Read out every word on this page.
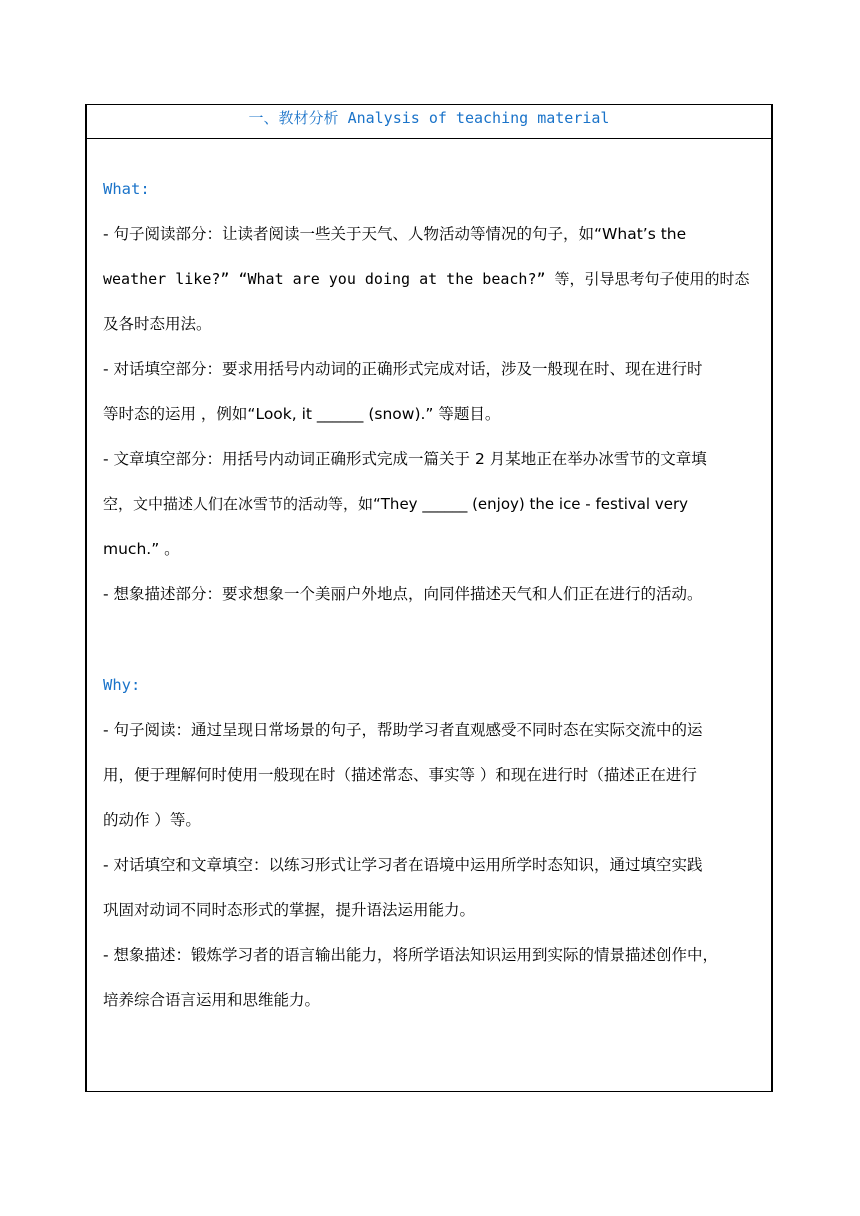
一、教材分析 Analysis of teaching material
What:
- 句子阅读部分：让读者阅读一些关于天气、人物活动等情况的句子，如“What’s the
weather like?” “What are you doing at the beach?” 等，引导思考句子使用的时态
及各时态用法。
- 对话填空部分：要求用括号内动词的正确形式完成对话，涉及一般现在时、现在进行时
等时态的运用 ，例如“Look, it ______ (snow).” 等题目。
- 文章填空部分：用括号内动词正确形式完成一篇关于 2 月某地正在举办冰雪节的文章填
空，文中描述人们在冰雪节的活动等，如“They ______ (enjoy) the ice - festival very
much.” 。
- 想象描述部分：要求想象一个美丽户外地点，向同伴描述天气和人们正在进行的活动。
Why:
- 句子阅读：通过呈现日常场景的句子，帮助学习者直观感受不同时态在实际交流中的运
用，便于理解何时使用一般现在时（描述常态、事实等 ）和现在进行时（描述正在进行
的动作 ）等。
- 对话填空和文章填空：以练习形式让学习者在语境中运用所学时态知识，通过填空实践
巩固对动词不同时态形式的掌握，提升语法运用能力。
- 想象描述：锻炼学习者的语言输出能力，将所学语法知识运用到实际的情景描述创作中，
培养综合语言运用和思维能力。
